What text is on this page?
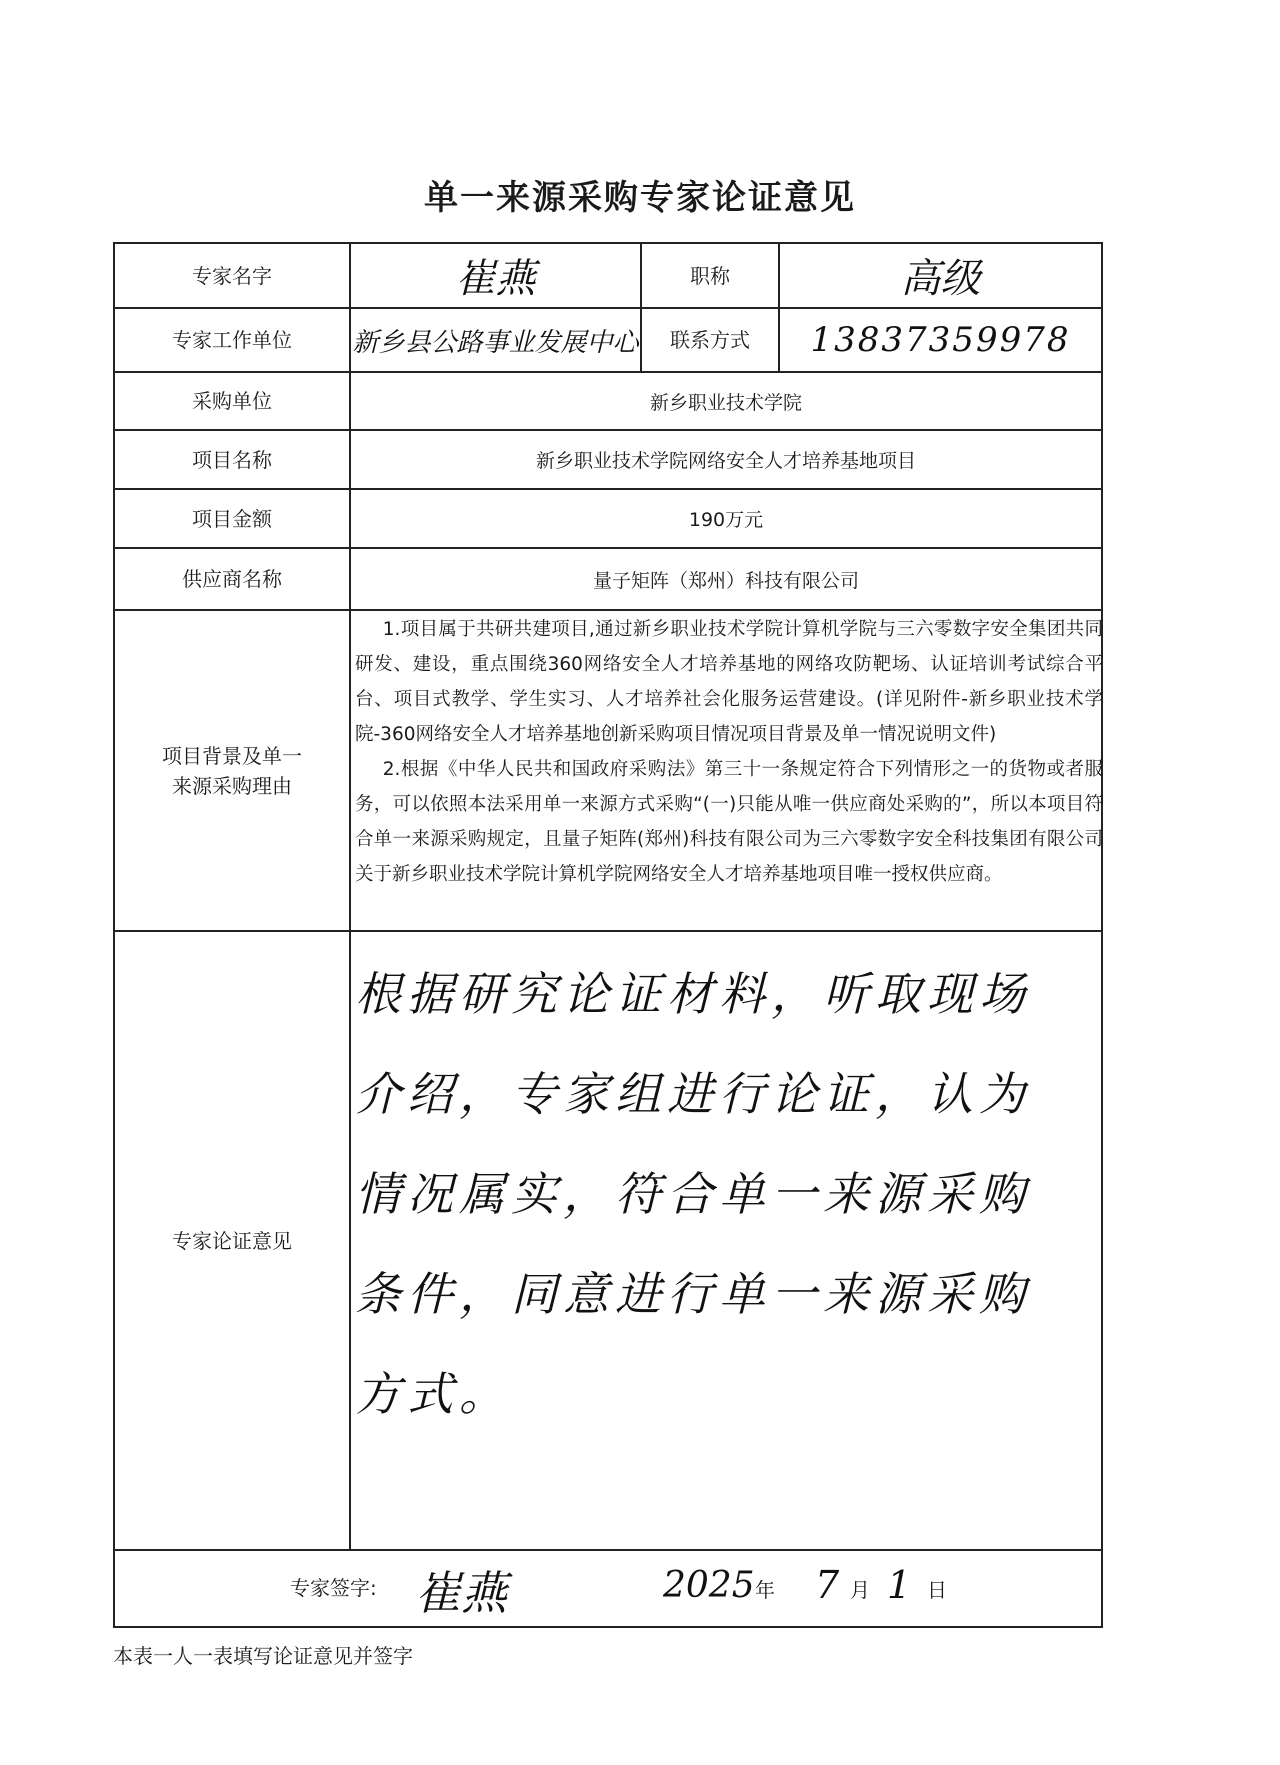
单一来源采购专家论证意见
专家名字	崔燕	职称	高级
专家工作单位 新乡县公路事业发展中心 联系方式 13837359978
采购单位	新乡职业技术学院
项目名称	新乡职业技术学院网络安全人才培养基地项目
项目金额	190万元
供应商名称	量子矩阵（郑州）科技有限公司
项目背景及单一来源采购理由

1.项目属于共研共建项目,通过新乡职业技术学院计算机学院与三六零数字安全集团共同研发、建设，重点围绕360网络安全人才培养基地的网络攻防靶场、认证培训考试综合平台、项目式教学、学生实习、人才培养社会化服务运营建设。(详见附件-新乡职业技术学院-360网络安全人才培养基地创新采购项目情况项目背景及单一情况说明文件)

2.根据《中华人民共和国政府采购法》第三十一条规定符合下列情形之一的货物或者服务，可以依照本法采用单一来源方式采购“(一)只能从唯一供应商处采购的”，所以本项目符合单一来源采购规定，且量子矩阵(郑州)科技有限公司为三六零数字安全科技集团有限公司关于新乡职业技术学院计算机学院网络安全人才培养基地项目唯一授权供应商。

专家论证意见
根据研究论证材料，听取现场介绍，专家组进行论证，认为情况属实，符合单一来源采购条件，同意进行单一来源采购方式。
专家签字: 崔燕	2025 年 7 月 1 日
本表一人一表填写论证意见并签字
